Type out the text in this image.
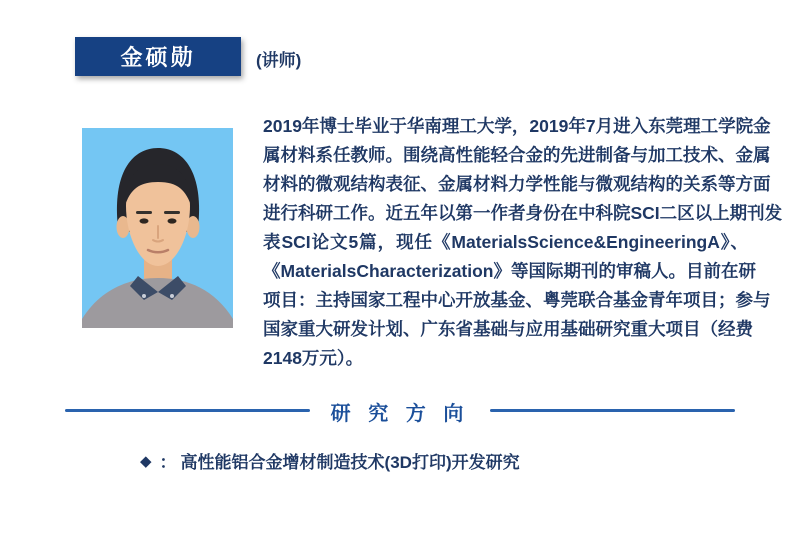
金硕勋	(讲师)
2019年博士毕业于华南理工大学，2019年7月进入东莞理工学院金
属材料系任教师。围绕高性能轻合金的先进制备与加工技术、金属
材料的微观结构表征、金属材料力学性能与微观结构的关系等方面
进行科研工作。近五年以第一作者身份在中科院SCI二区以上期刊发
表SCI论文5篇，现任《MaterialsScience&EngineeringA》、
《MaterialsCharacterization》等国际期刊的审稿人。目前在研
项目：主持国家工程中心开放基金、粤莞联合基金青年项目；参与
国家重大研发计划、广东省基础与应用基础研究重大项目（经费
2148万元）。
研 究 方 向
◆ ： 高性能铝合金增材制造技术(3D打印)开发研究
